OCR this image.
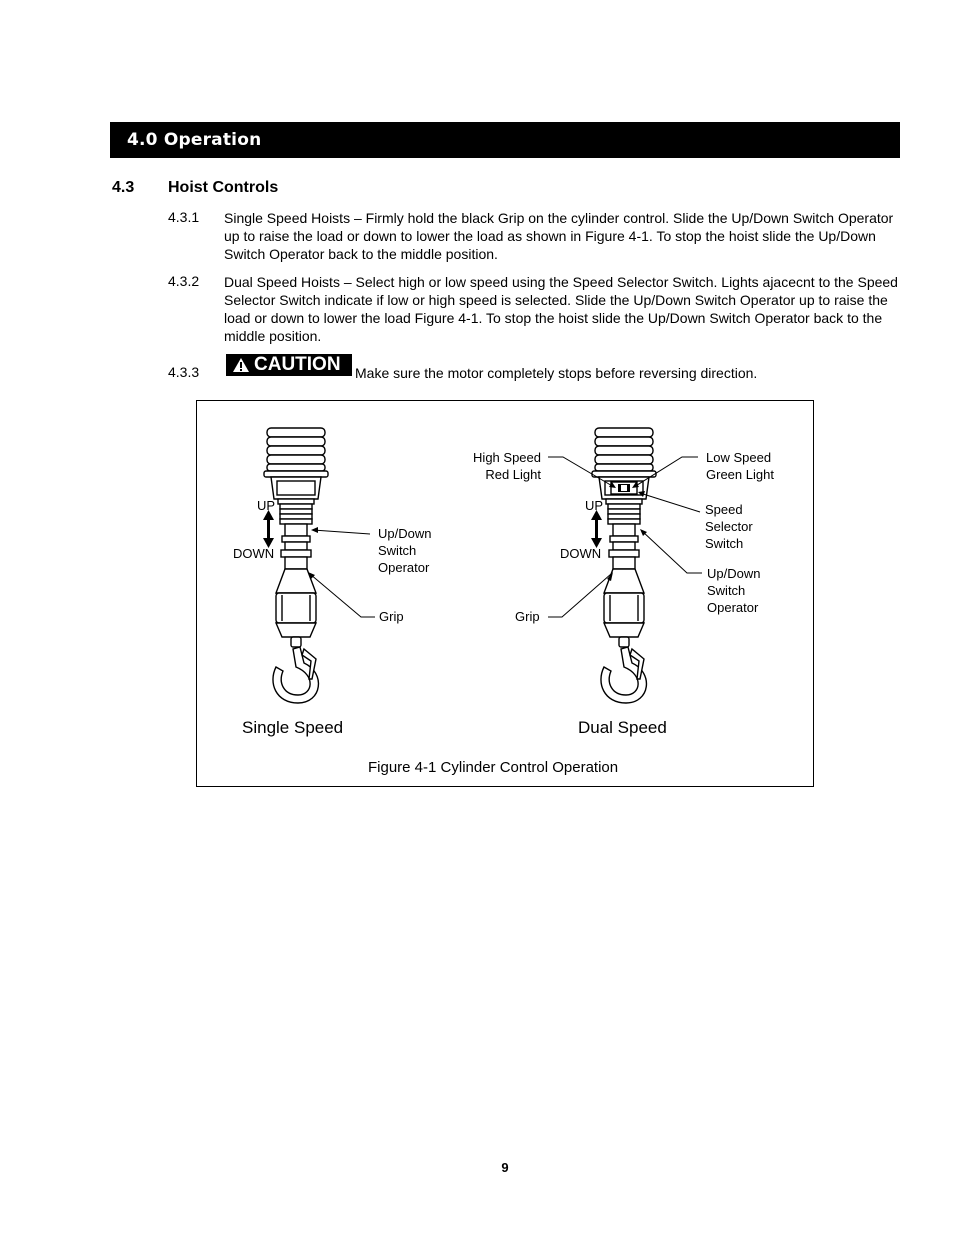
4.0 Operation
4.3 Hoist Controls
4.3.1 Single Speed Hoists – Firmly hold the black Grip on the cylinder control. Slide the Up/Down Switch Operator up to raise the load or down to lower the load as shown in Figure 4-1. To stop the hoist slide the Up/Down Switch Operator back to the middle position.
4.3.2 Dual Speed Hoists – Select high or low speed using the Speed Selector Switch. Lights ajacecnt to the Speed Selector Switch indicate if low or high speed is selected. Slide the Up/Down Switch Operator up to raise the load or down to lower the load Figure 4-1. To stop the hoist slide the Up/Down Switch Operator back to the middle position.
4.3.3	CAUTION Make sure the motor completely stops before reversing direction.
UP
DOWN
Up/Down
Switch
Operator
Grip
Single Speed
High Speed
Red Light
Low Speed
Green Light
UP
DOWN
Speed
Selector
Switch
Up/Down
Switch
Operator
Grip
Dual Speed
Figure 4-1 Cylinder Control Operation
9
